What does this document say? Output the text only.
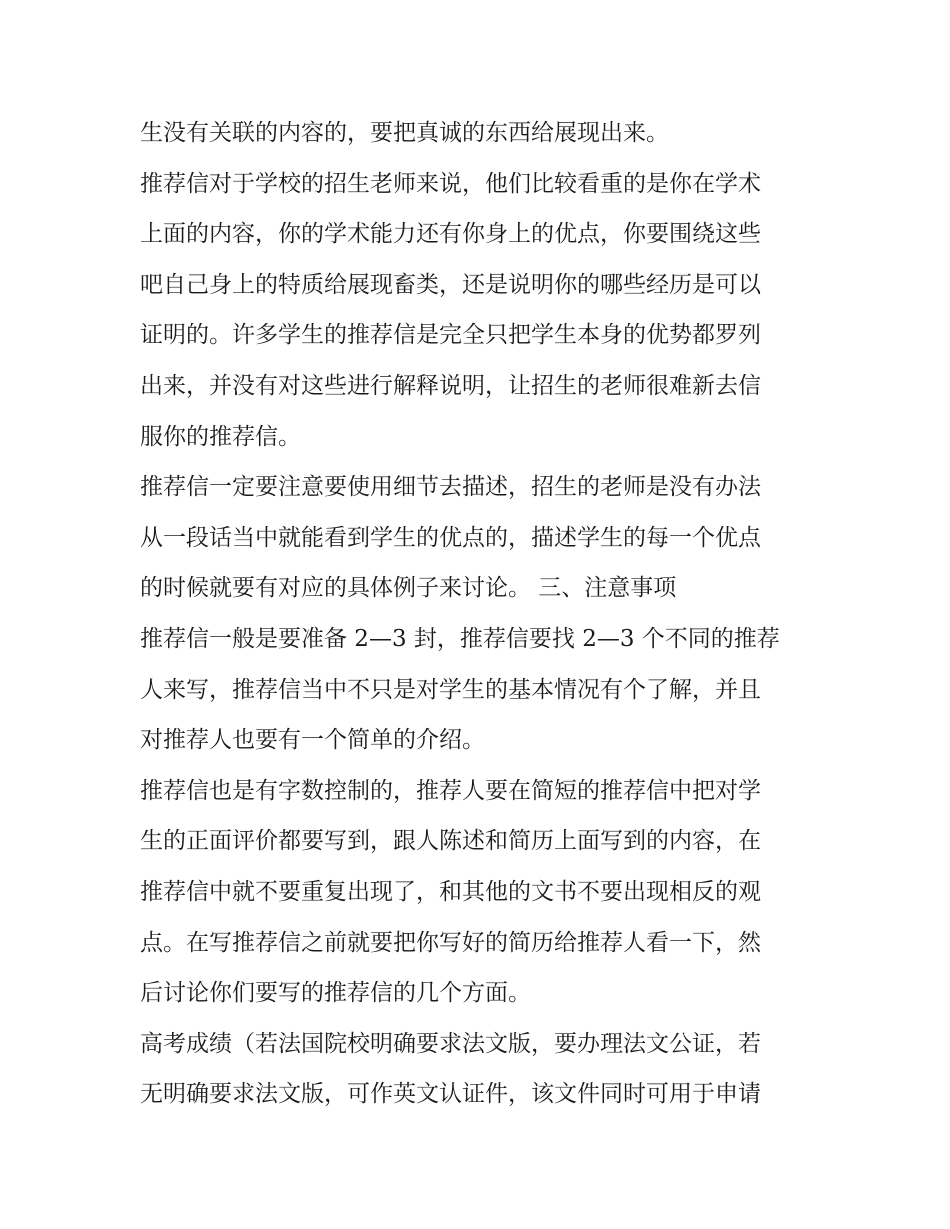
生没有关联的内容的，要把真诚的东西给展现出来。
推荐信对于学校的招生老师来说，他们比较看重的是你在学术
上面的内容，你的学术能力还有你身上的优点，你要围绕这些
吧自己身上的特质给展现畜类，还是说明你的哪些经历是可以
证明的。许多学生的推荐信是完全只把学生本身的优势都罗列
出来，并没有对这些进行解释说明，让招生的老师很难新去信
服你的推荐信。
推荐信一定要注意要使用细节去描述，招生的老师是没有办法
从一段话当中就能看到学生的优点的，描述学生的每一个优点
的时候就要有对应的具体例子来讨论。 三、注意事项
推荐信一般是要准备 2—3 封，推荐信要找 2—3 个不同的推荐
人来写，推荐信当中不只是对学生的基本情况有个了解，并且
对推荐人也要有一个简单的介绍。
推荐信也是有字数控制的，推荐人要在简短的推荐信中把对学
生的正面评价都要写到，跟人陈述和简历上面写到的内容，在
推荐信中就不要重复出现了，和其他的文书不要出现相反的观
点。在写推荐信之前就要把你写好的简历给推荐人看一下，然
后讨论你们要写的推荐信的几个方面。
高考成绩（若法国院校明确要求法文版，要办理法文公证，若
无明确要求法文版，可作英文认证件，该文件同时可用于申请
